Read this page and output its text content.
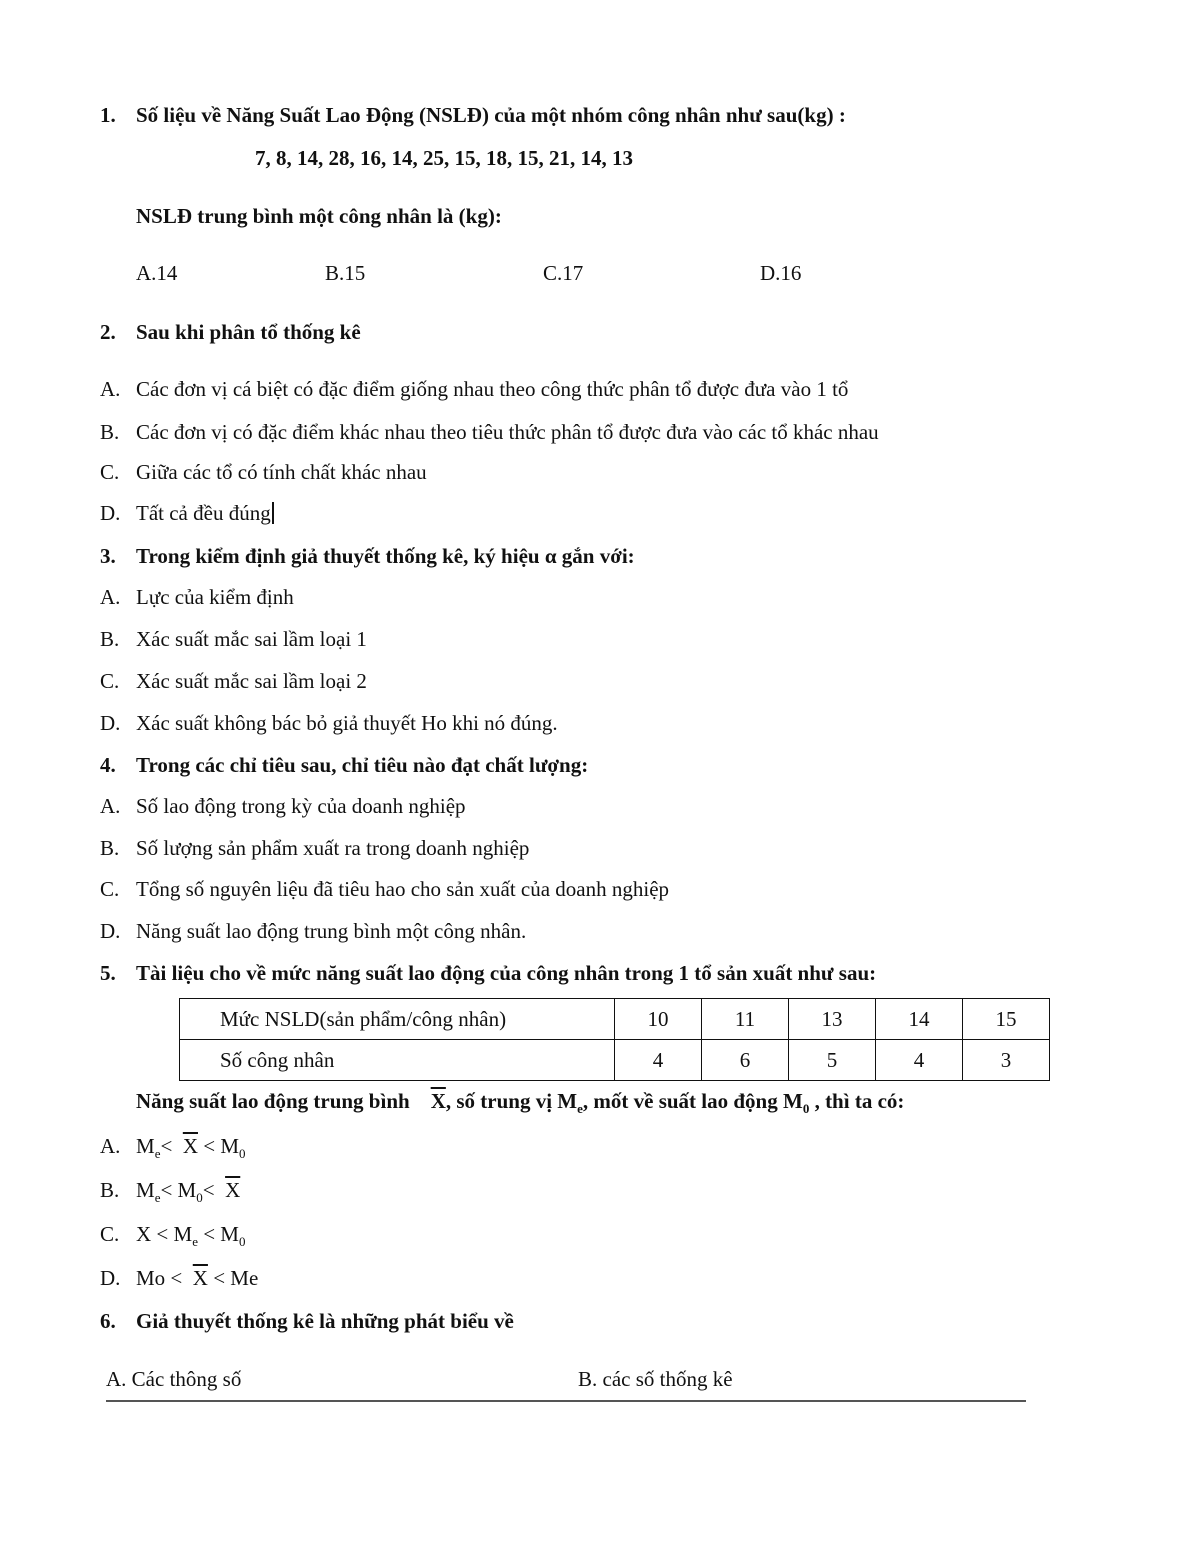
1. Số liệu về Năng Suất Lao Động (NSLĐ) của một nhóm công nhân như sau(kg) :
7, 8, 14, 28, 16, 14, 25, 15, 18, 15, 21, 14, 13
NSLĐ trung bình một công nhân là (kg):
A.14	B.15	C.17	D.16
2. Sau khi phân tổ thống kê
A. Các đơn vị cá biệt có đặc điểm giống nhau theo công thức phân tổ được đưa vào 1 tổ
B. Các đơn vị có đặc điểm khác nhau theo tiêu thức phân tổ được đưa vào các tổ khác nhau
C. Giữa các tổ có tính chất khác nhau
D. Tất cả đều đúng
3. Trong kiểm định giả thuyết thống kê, ký hiệu α gắn với:
A. Lực của kiểm định
B. Xác suất mắc sai lầm loại 1
C. Xác suất mắc sai lầm loại 2
D. Xác suất không bác bỏ giả thuyết Ho khi nó đúng.
4. Trong các chỉ tiêu sau, chỉ tiêu nào đạt chất lượng:
A. Số lao động trong kỳ của doanh nghiệp
B. Số lượng sản phẩm xuất ra trong doanh nghiệp
C. Tổng số nguyên liệu đã tiêu hao cho sản xuất của doanh nghiệp
D. Năng suất lao động trung bình một công nhân.
5. Tài liệu cho về mức năng suất lao động của công nhân trong 1 tổ sản xuất như sau:
Mức NSLD(sản phẩm/công nhân)	10	11	13	14	15
Số công nhân	4	6	5	4	3
Năng suất lao động trung bình $\overline{X}$, số trung vị $M_e$, mốt về suất lao động $M_0$ , thì ta có:
A. $M_e< \overline{X} < M_0$
B. $M_e< M_0< \overline{X}$
C. $X < M_e < M_0$
D. $Mo < \overline{X} < Me$
6. Giả thuyết thống kê là những phát biểu về
A. Các thông số	B. các số thống kê
